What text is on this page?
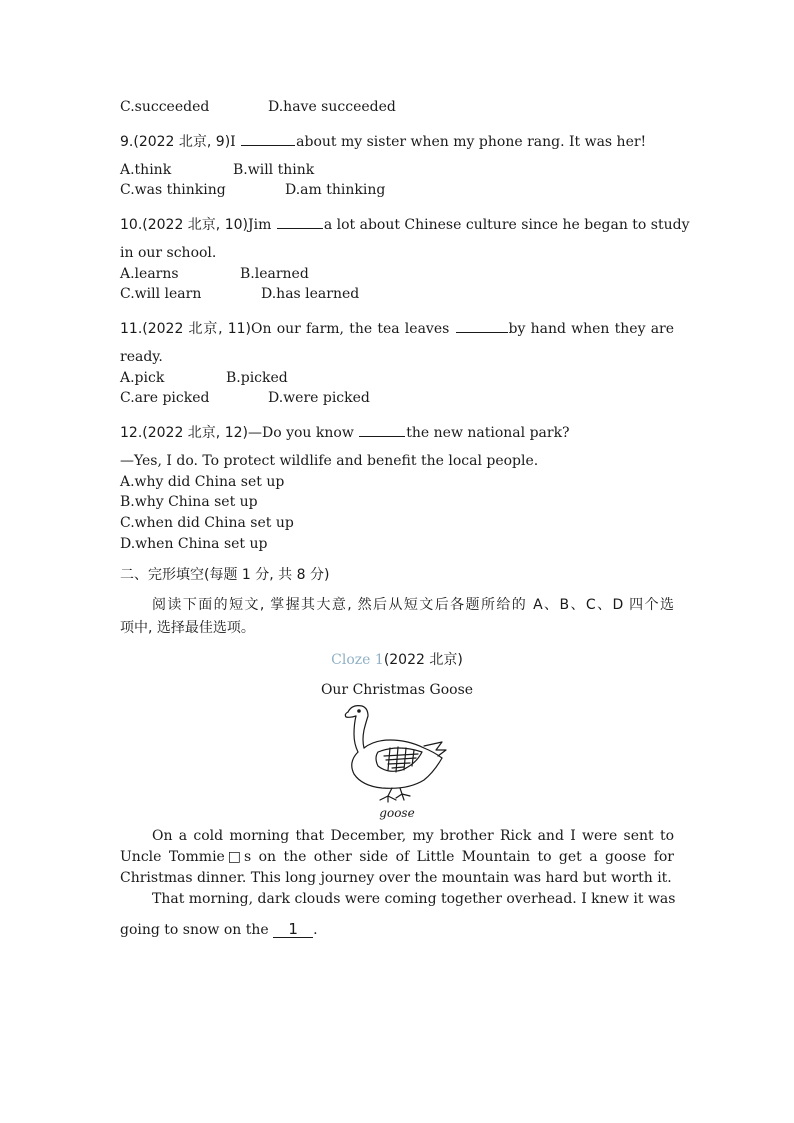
C.succeeded	D.have succeeded
9.(2022 北京, 9)I	about my sister when my phone rang. It was her!
A.think	B.will think
C.was thinking	D.am thinking
10.(2022 北京, 10)Jim	a lot about Chinese culture since he began to study
in our school.
A.learns	B.learned
C.will learn	D.has learned
11.(2022 北京, 11)On our farm, the tea leaves	by hand when they are
ready.
A.pick	B.picked
C.are picked	D.were picked
12.(2022 北京, 12)—Do you know	the new national park?
—Yes, I do. To protect wildlife and benefit the local people.
A.why did China set up
B.why China set up
C.when did China set up
D.when China set up
二、完形填空(每题 1 分, 共 8 分)
阅读下面的短文, 掌握其大意, 然后从短文后各题所给的 A、B、C、D 四个选
项中, 选择最佳选项。
Cloze 1(2022 北京)
Our Christmas Goose
goose
On a cold morning that December, my brother Rick and I were sent to Uncle Tommie□s on the other side of Little Mountain to get a goose for Christmas dinner. This long journey over the mountain was hard but worth it.
That morning, dark clouds were coming together overhead. I knew it was
going to snow on the 1 .
